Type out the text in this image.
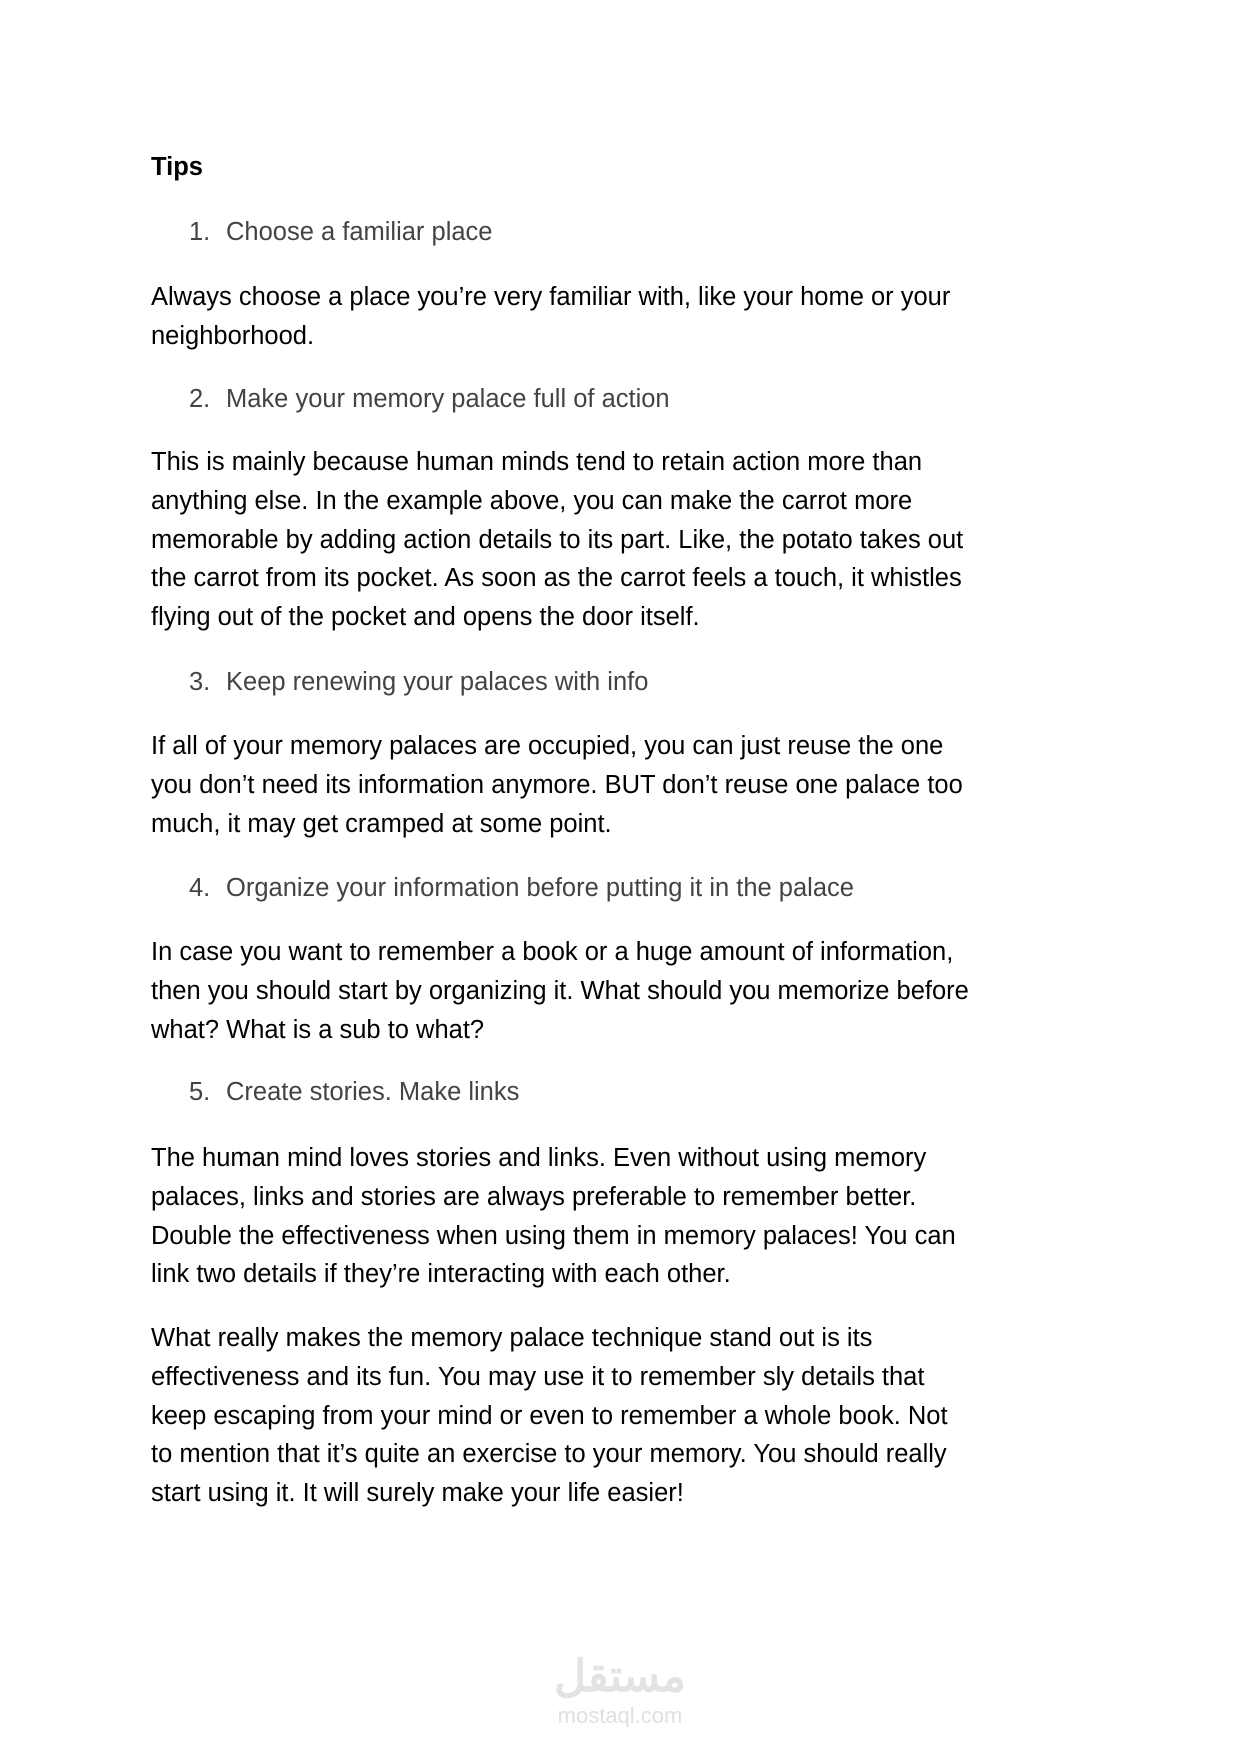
Tips
1. Choose a familiar place
Always choose a place you’re very familiar with, like your home or your
neighborhood.
2. Make your memory palace full of action
This is mainly because human minds tend to retain action more than
anything else. In the example above, you can make the carrot more
memorable by adding action details to its part. Like, the potato takes out
the carrot from its pocket. As soon as the carrot feels a touch, it whistles
flying out of the pocket and opens the door itself.
3. Keep renewing your palaces with info
If all of your memory palaces are occupied, you can just reuse the one
you don’t need its information anymore. BUT don’t reuse one palace too
much, it may get cramped at some point.
4. Organize your information before putting it in the palace
In case you want to remember a book or a huge amount of information,
then you should start by organizing it. What should you memorize before
what? What is a sub to what?
5. Create stories. Make links
The human mind loves stories and links. Even without using memory
palaces, links and stories are always preferable to remember better.
Double the effectiveness when using them in memory palaces! You can
link two details if they’re interacting with each other.
What really makes the memory palace technique stand out is its
effectiveness and its fun. You may use it to remember sly details that
keep escaping from your mind or even to remember a whole book. Not
to mention that it’s quite an exercise to your memory. You should really
start using it. It will surely make your life easier!
مستقل
mostaql.com
